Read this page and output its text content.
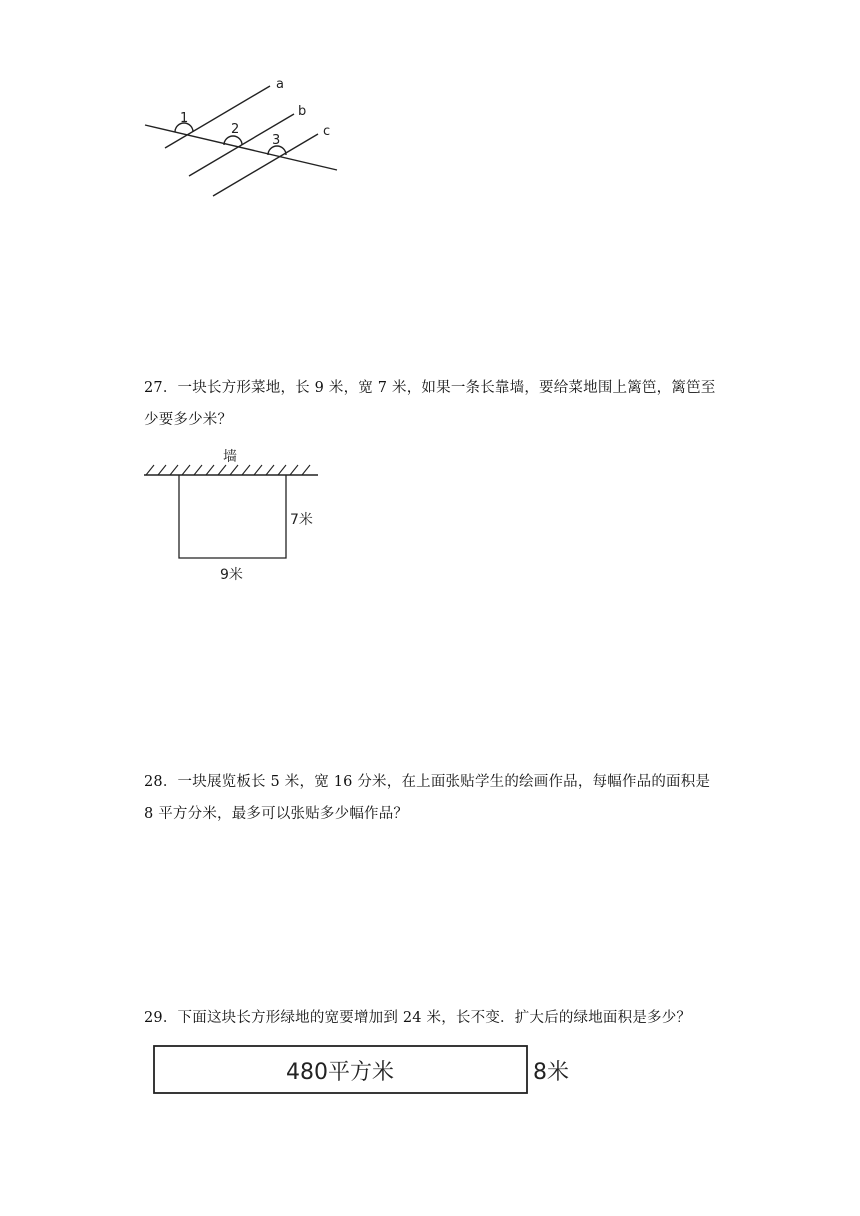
a
b
c
1
2
3
27．一块长方形菜地，长 9 米，宽 7 米，如果一条长靠墙，要给菜地围上篱笆，篱笆至
少要多少米？
墙
7米
9米
28．一块展览板长 5 米，宽 16 分米，在上面张贴学生的绘画作品，每幅作品的面积是
8 平方分米，最多可以张贴多少幅作品？
29．下面这块长方形绿地的宽要增加到 24 米，长不变．扩大后的绿地面积是多少？
480平方米	8米
